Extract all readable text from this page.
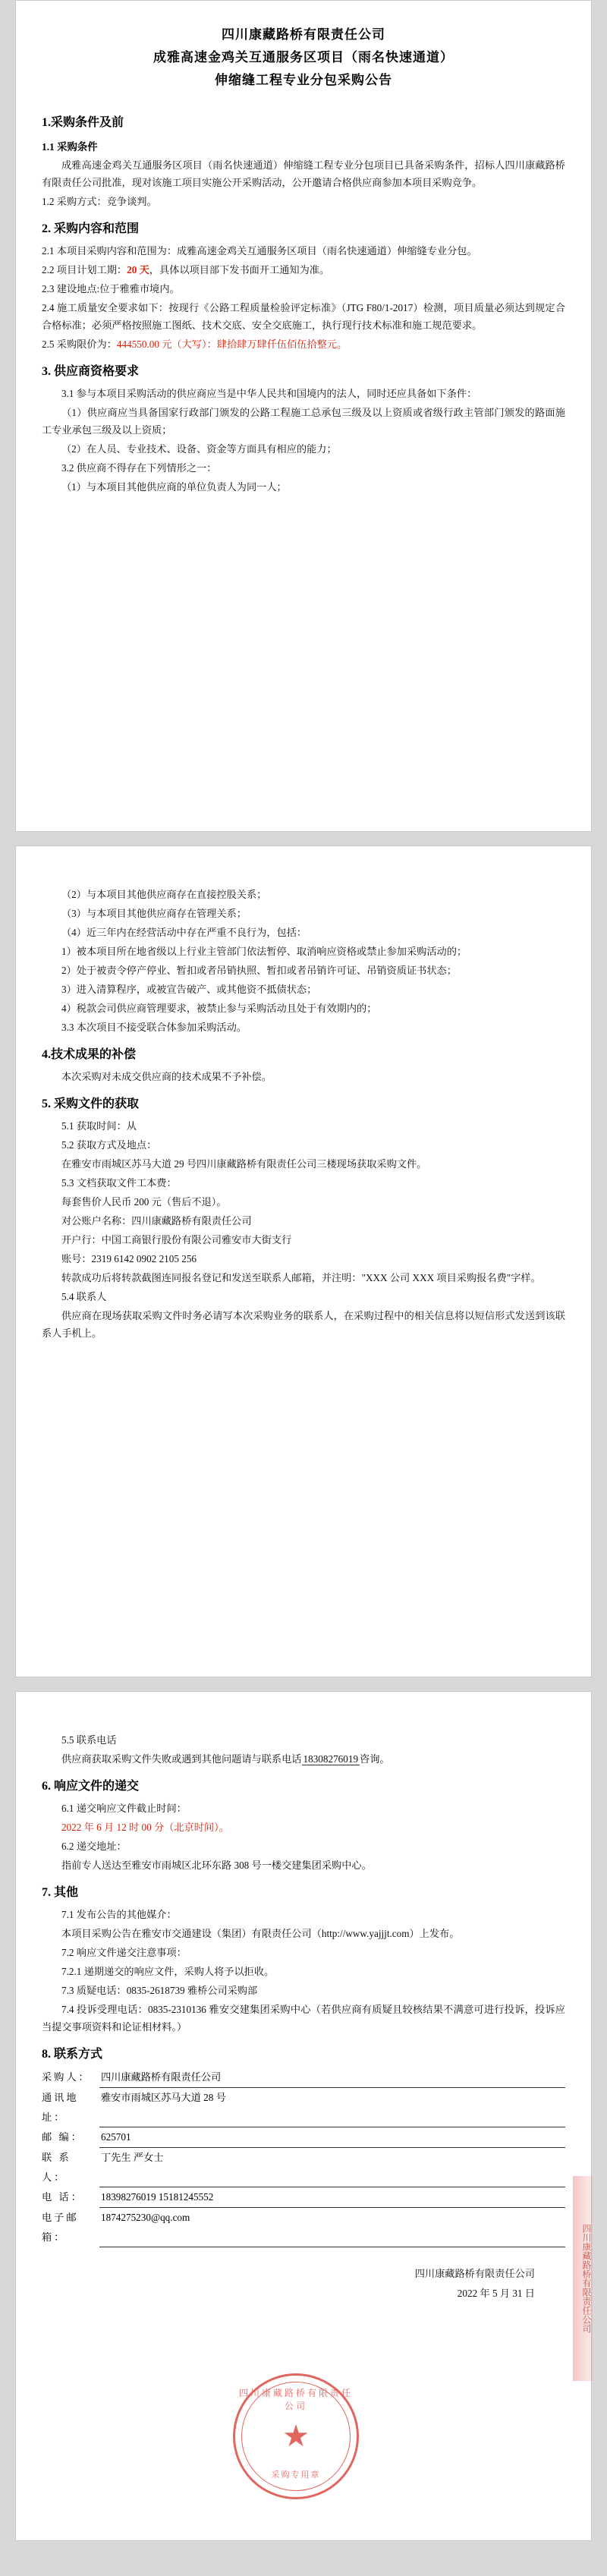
四川康藏路桥有限责任公司
成雅高速金鸡关互通服务区项目（雨名快速通道）
伸缩缝工程专业分包采购公告
1.采购条件及前
1.1 采购条件

成雅高速金鸡关互通服务区项目（雨名快速通道）伸缩缝工程专业分包项目已具备采购条件，招标人四川康藏路桥有限责任公司批准，现对该施工项目实施公开采购活动，公开邀请合格供应商参加本项目采购竞争。

1.2 采购方式：竞争谈判。

2. 采购内容和范围

2.1 本项目采购内容和范围为：成雅高速金鸡关互通服务区项目（雨名快速通道）伸缩缝专业分包。

2.2 项目计划工期：20 天，具体以项目部下发书面开工通知为准。

2.3 建设地点:位于雅雅市境内。

2.4 施工质量安全要求如下：按现行《公路工程质量检验评定标准》（JTG F80/1-2017）检测，项目质量必须达到规定合合格标准；必须严格按照施工图纸、技术交底、安全交底施工，执行现行技术标准和施工规范要求。

2.5 采购限价为：444550.00 元（大写）：肆拾肆万肆仟伍佰伍拾整元。

3. 供应商资格要求

3.1 参与本项目采购活动的供应商应当是中华人民共和国境内的法人，同时还应具备如下条件：

（1）供应商应当具备国家行政部门颁发的公路工程施工总承包三级及以上资质或省级行政主管部门颁发的路面施工专业承包三级及以上资质；

（2）在人员、专业技术、设备、资金等方面具有相应的能力；

3.2 供应商不得存在下列情形之一：

（1）与本项目其他供应商的单位负责人为同一人；

（2）与本项目其他供应商存在直接控股关系；

（3）与本项目其他供应商存在管理关系；

（4）近三年内在经营活动中存在严重不良行为，包括：

1）被本项目所在地省级以上行业主管部门依法暂停、取消响应资格或禁止参加采购活动的；

2）处于被责令停产停业、暂扣或者吊销执照、暂扣或者吊销许可证、吊销资质证书状态；

3）进入清算程序，或被宣告破产、或其他资不抵债状态；

4）税款会司供应商管理要求，被禁止参与采购活动且处于有效期内的；

3.3 本次项目不接受联合体参加采购活动。

4.技术成果的补偿

本次采购对未成交供应商的技术成果不予补偿。

5. 采购文件的获取

5.1 获取时间：从

5.2 获取方式及地点：

在雅安市雨城区苏马大道 29 号四川康藏路桥有限责任公司三楼现场获取采购文件。

5.3 文档获取文件工本费：

每套售价人民币 200 元（售后不退）。

对公账户名称：四川康藏路桥有限责任公司

开户行：中国工商银行股份有限公司雅安市大街支行

账号：2319 6142 0902 2105 256

转款成功后将转款截图连同报名登记和发送至联系人邮箱，并注明："XXX 公司 XXX 项目采购报名费"字样。

5.4 联系人

供应商在现场获取采购文件时务必请写本次采购业务的联系人，在采购过程中的相关信息将以短信形式发送到该联系人手机上。

5.5 联系电话

供应商获取采购文件失败或遇到其他问题请与联系电话 18308276019 咨询。

6. 响应文件的递交

6.1 递交响应文件截止时间：

2022 年 6 月 12 时 00 分（北京时间）。

6.2 递交地址：

指前专人送达至雅安市雨城区北环东路 308 号一楼交建集团采购中心。

7. 其他

7.1 发布公告的其他媒介：

本项目采购公告在雅安市交通建设（集团）有限责任公司（http://www.yajjjt.com）上发布。

7.2 响应文件递交注意事项：

7.2.1 递期递交的响应文件，采购人将予以拒收。

7.3 质疑电话：0835-2618739 雅桥公司采购部

7.4 投诉受理电话：0835-2310136 雅安交建集团采购中心（若供应商有质疑且较核结果不满意可进行投诉，投诉应当提交事项资料和论证相材料。）

8. 联系方式
采购人：	四川康藏路桥有限责任公司
通讯地址：
雅安市雨城区苏马大道 28 号
邮 编：	625701
联 系 人：
丁先生 严女士
电 话：	18398276019 15181245552
电子邮箱：
1874275230@qq.com
四川康藏路桥有限责任公司
2022 年 5 月 31 日
四川康藏路桥有限责任公司
★
采购专用章
四川康藏路桥有限责任公司
